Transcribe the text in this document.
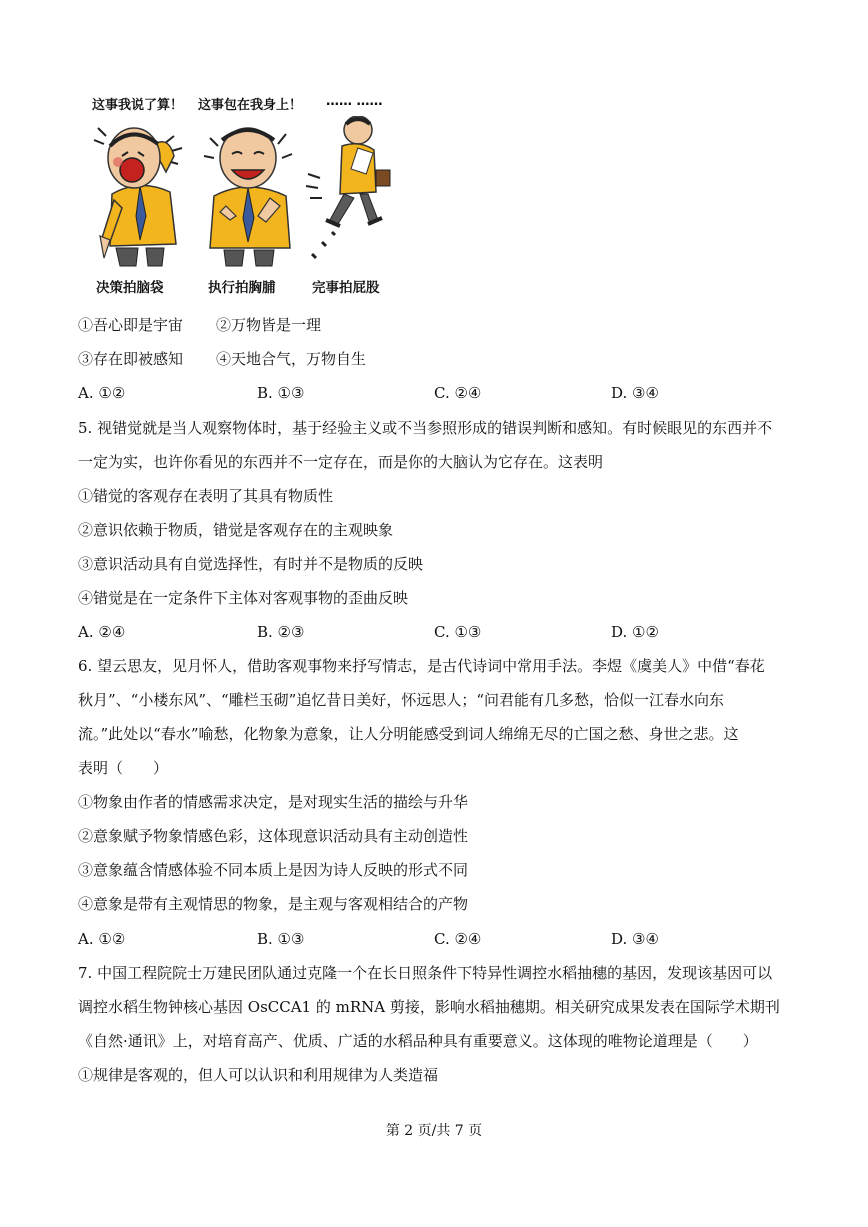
这事我说了算！ 这事包在我身上！ …… ……
决策拍脑袋	执行拍胸脯	完事拍屁股
①吾心即是宇宙 ②万物皆是一理
③存在即被感知 ④天地合气，万物自生
A. ①②	B. ①③	C. ②④	D. ③④
5. 视错觉就是当人观察物体时，基于经验主义或不当参照形成的错误判断和感知。有时候眼见的东西并不
一定为实，也许你看见的东西并不一定存在，而是你的大脑认为它存在。这表明
①错觉的客观存在表明了其具有物质性
②意识依赖于物质，错觉是客观存在的主观映象
③意识活动具有自觉选择性，有时并不是物质的反映
④错觉是在一定条件下主体对客观事物的歪曲反映
A. ②④	B. ②③	C. ①③	D. ①②
6. 望云思友，见月怀人，借助客观事物来抒写情志，是古代诗词中常用手法。李煜《虞美人》中借“春花
秋月”、“小楼东风”、“雕栏玉砌”追忆昔日美好，怀远思人；“问君能有几多愁，恰似一江春水向东
流。”此处以“春水”喻愁，化物象为意象，让人分明能感受到词人绵绵无尽的亡国之愁、身世之悲。这
表明（　　）
①物象由作者的情感需求决定，是对现实生活的描绘与升华
②意象赋予物象情感色彩，这体现意识活动具有主动创造性
③意象蕴含情感体验不同本质上是因为诗人反映的形式不同
④意象是带有主观情思的物象，是主观与客观相结合的产物
A. ①②	B. ①③	C. ②④	D. ③④
7. 中国工程院院士万建民团队通过克隆一个在长日照条件下特异性调控水稻抽穗的基因，发现该基因可以
调控水稻生物钟核心基因 OsCCA1 的 mRNA 剪接，影响水稻抽穗期。相关研究成果发表在国际学术期刊
《自然·通讯》上，对培育高产、优质、广适的水稻品种具有重要意义。这体现的唯物论道理是（　　）
①规律是客观的，但人可以认识和利用规律为人类造福
第 2 页/共 7 页
